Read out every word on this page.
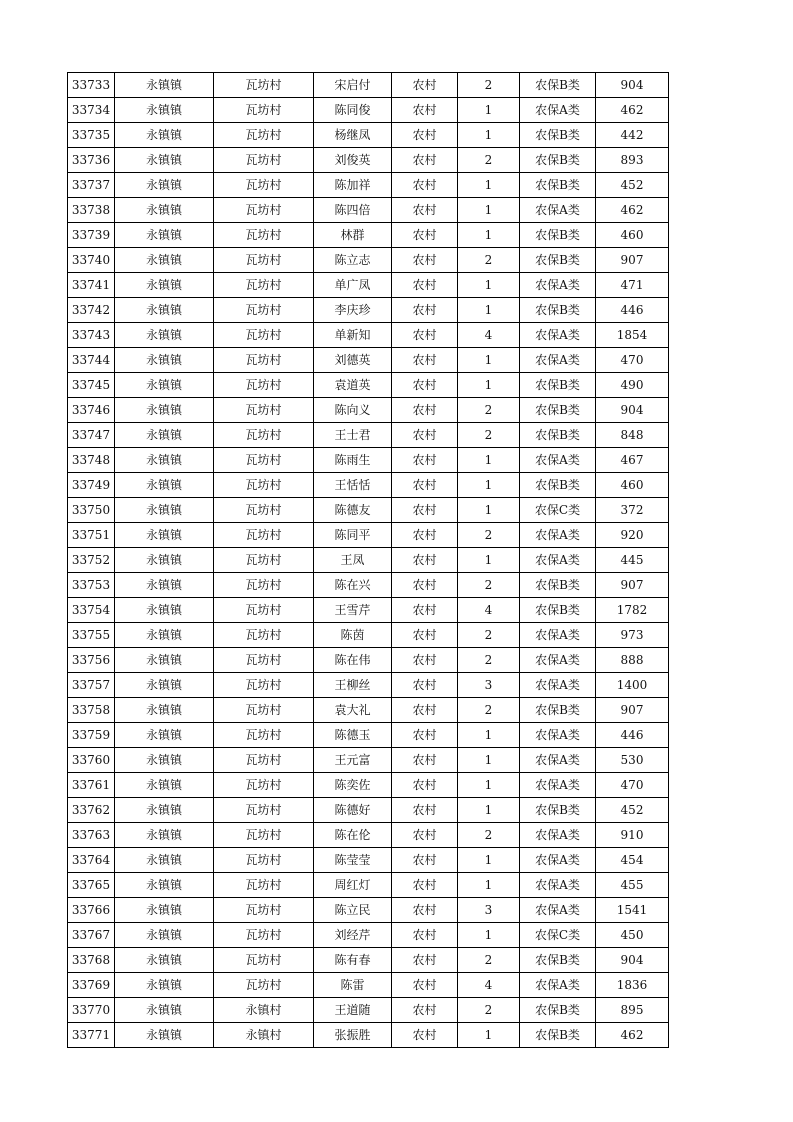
33733	永镇镇	瓦坊村	宋启付	农村	2	农保B类	904
33734	永镇镇	瓦坊村	陈同俊	农村	1	农保A类	462
33735	永镇镇	瓦坊村	杨继凤	农村	1	农保B类	442
33736	永镇镇	瓦坊村	刘俊英	农村	2	农保B类	893
33737	永镇镇	瓦坊村	陈加祥	农村	1	农保B类	452
33738	永镇镇	瓦坊村	陈四倍	农村	1	农保A类	462
33739	永镇镇	瓦坊村	林群	农村	1	农保B类	460
33740	永镇镇	瓦坊村	陈立志	农村	2	农保B类	907
33741	永镇镇	瓦坊村	单广凤	农村	1	农保A类	471
33742	永镇镇	瓦坊村	李庆珍	农村	1	农保B类	446
33743	永镇镇	瓦坊村	单新知	农村	4	农保A类	1854
33744	永镇镇	瓦坊村	刘德英	农村	1	农保A类	470
33745	永镇镇	瓦坊村	袁道英	农村	1	农保B类	490
33746	永镇镇	瓦坊村	陈向义	农村	2	农保B类	904
33747	永镇镇	瓦坊村	王士君	农村	2	农保B类	848
33748	永镇镇	瓦坊村	陈雨生	农村	1	农保A类	467
33749	永镇镇	瓦坊村	王恬恬	农村	1	农保B类	460
33750	永镇镇	瓦坊村	陈德友	农村	1	农保C类	372
33751	永镇镇	瓦坊村	陈同平	农村	2	农保A类	920
33752	永镇镇	瓦坊村	王凤	农村	1	农保A类	445
33753	永镇镇	瓦坊村	陈在兴	农村	2	农保B类	907
33754	永镇镇	瓦坊村	王雪芹	农村	4	农保B类	1782
33755	永镇镇	瓦坊村	陈茵	农村	2	农保A类	973
33756	永镇镇	瓦坊村	陈在伟	农村	2	农保A类	888
33757	永镇镇	瓦坊村	王柳丝	农村	3	农保A类	1400
33758	永镇镇	瓦坊村	袁大礼	农村	2	农保B类	907
33759	永镇镇	瓦坊村	陈德玉	农村	1	农保A类	446
33760	永镇镇	瓦坊村	王元富	农村	1	农保A类	530
33761	永镇镇	瓦坊村	陈奕佐	农村	1	农保A类	470
33762	永镇镇	瓦坊村	陈德好	农村	1	农保B类	452
33763	永镇镇	瓦坊村	陈在伦	农村	2	农保A类	910
33764	永镇镇	瓦坊村	陈莹莹	农村	1	农保A类	454
33765	永镇镇	瓦坊村	周红灯	农村	1	农保A类	455
33766	永镇镇	瓦坊村	陈立民	农村	3	农保A类	1541
33767	永镇镇	瓦坊村	刘经芹	农村	1	农保C类	450
33768	永镇镇	瓦坊村	陈有春	农村	2	农保B类	904
33769	永镇镇	瓦坊村	陈雷	农村	4	农保A类	1836
33770	永镇镇	永镇村	王道随	农村	2	农保B类	895
33771	永镇镇	永镇村	张振胜	农村	1	农保B类	462
